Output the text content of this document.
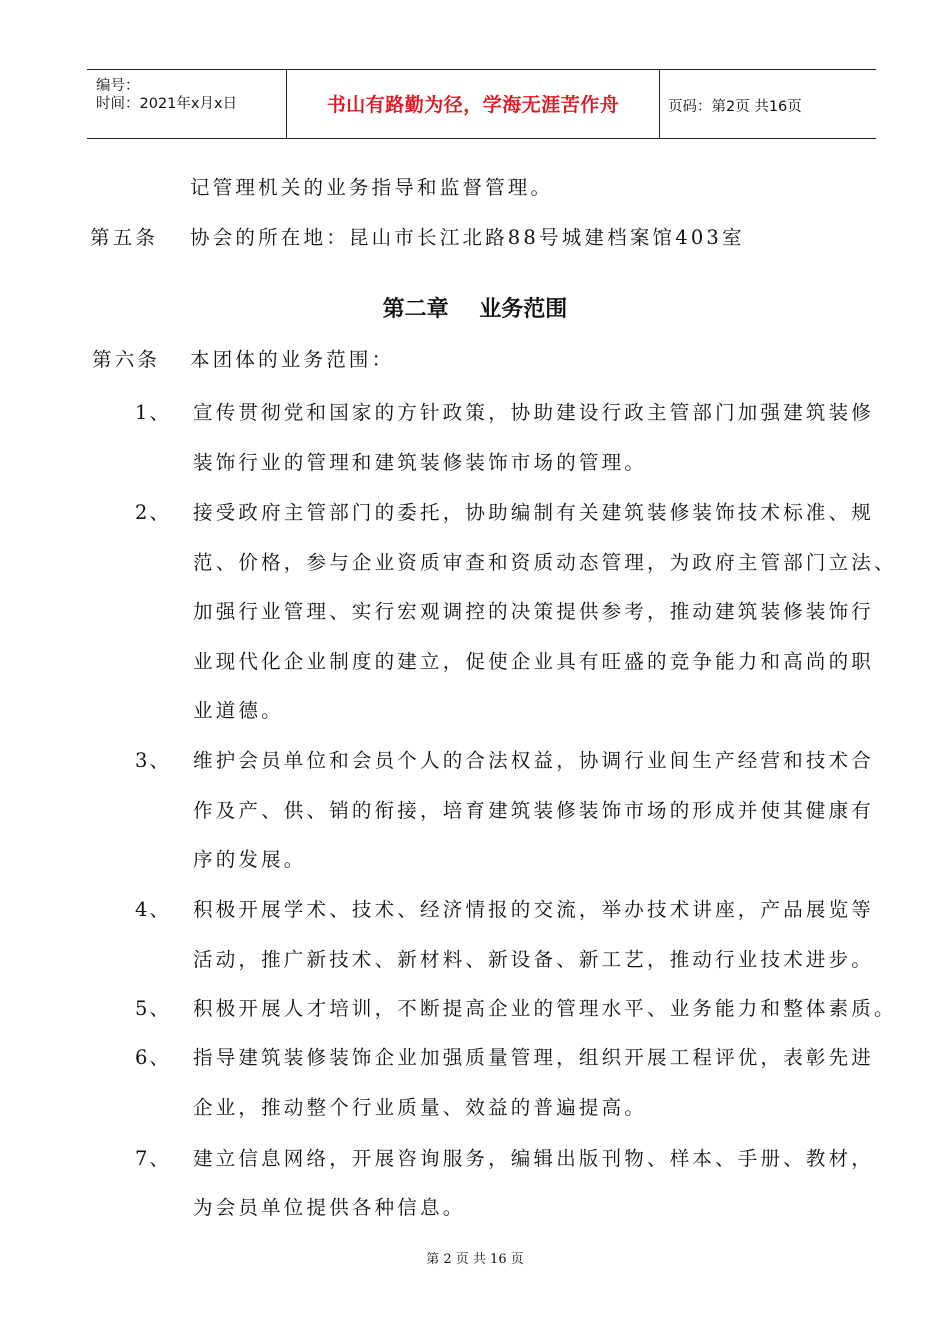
编号：
时间：2021年x月x日	书山有路勤为径，学海无涯苦作舟	页码：第2页 共16页
记管理机关的业务指导和监督管理。
第五条 协会的所在地：昆山市长江北路88号城建档案馆403室
第二章    业务范围
第六条 本团体的业务范围：
1、 宣传贯彻党和国家的方针政策，协助建设行政主管部门加强建筑装修
装饰行业的管理和建筑装修装饰市场的管理。
2、 接受政府主管部门的委托，协助编制有关建筑装修装饰技术标准、规
范、价格，参与企业资质审查和资质动态管理，为政府主管部门立法、
加强行业管理、实行宏观调控的决策提供参考，推动建筑装修装饰行
业现代化企业制度的建立，促使企业具有旺盛的竞争能力和高尚的职
业道德。
3、 维护会员单位和会员个人的合法权益，协调行业间生产经营和技术合
作及产、供、销的衔接，培育建筑装修装饰市场的形成并使其健康有
序的发展。
4、 积极开展学术、技术、经济情报的交流，举办技术讲座，产品展览等
活动，推广新技术、新材料、新设备、新工艺，推动行业技术进步。
5、 积极开展人才培训，不断提高企业的管理水平、业务能力和整体素质。
6、 指导建筑装修装饰企业加强质量管理，组织开展工程评优，表彰先进
企业，推动整个行业质量、效益的普遍提高。
7、 建立信息网络，开展咨询服务，编辑出版刊物、样本、手册、教材，
为会员单位提供各种信息。
第 2 页 共 16 页
